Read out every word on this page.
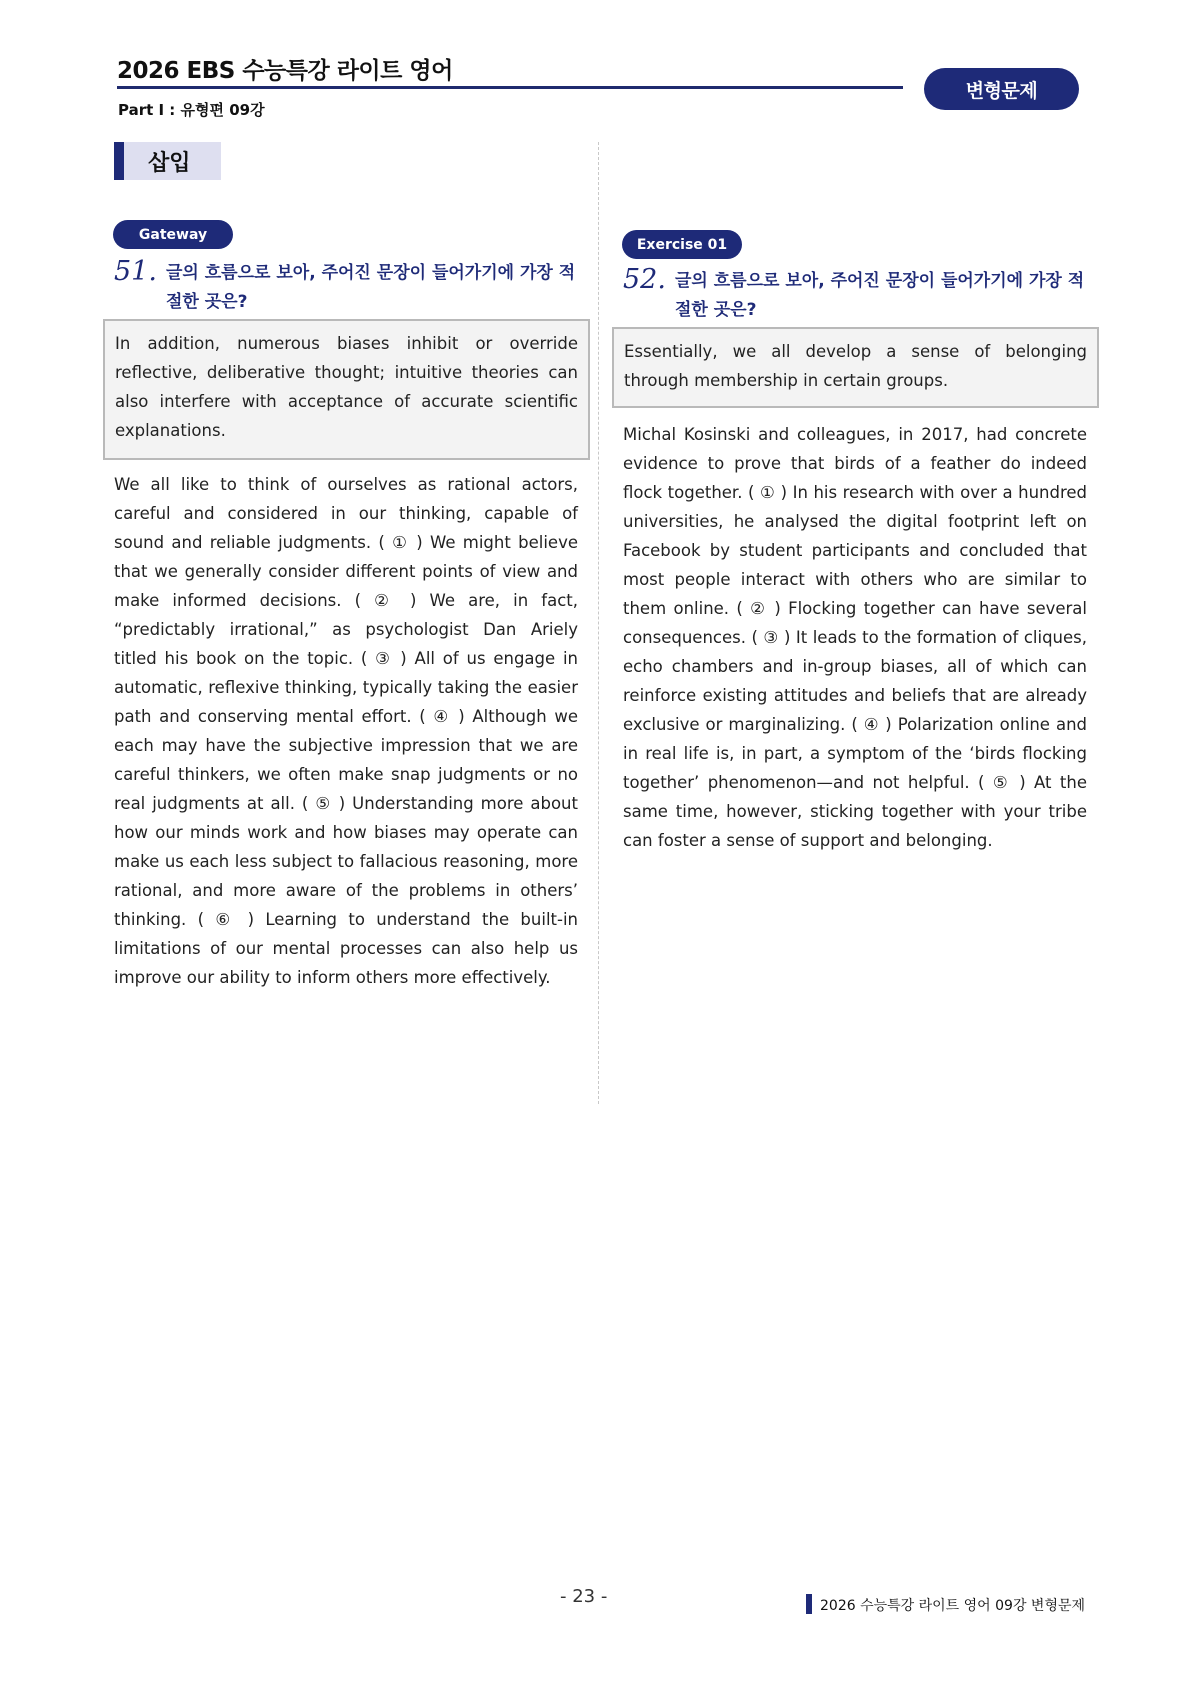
2026 EBS 수능특강 라이트 영어
Part Ⅰ : 유형편 09강
변형문제
삽입
Gateway
51. 글의 흐름으로 보아, 주어진 문장이 들어가기에 가장 적절한 곳은?
In addition, numerous biases inhibit or override reflective, deliberative thought; intuitive theories can also interfere with acceptance of accurate scientific explanations.
We all like to think of ourselves as rational actors, careful and considered in our thinking, capable of sound and reliable judgments. ( ① ) We might believe that we generally consider different points of view and make informed decisions. ( ② ) We are, in fact, “predictably irrational,” as psychologist Dan Ariely titled his book on the topic. ( ③ ) All of us engage in automatic, reflexive thinking, typically taking the easier path and conserving mental effort. ( ④ ) Although we each may have the subjective impression that we are careful thinkers, we often make snap judgments or no real judgments at all. ( ⑤ ) Understanding more about how our minds work and how biases may operate can make us each less subject to fallacious reasoning, more rational, and more aware of the problems in others’ thinking. ( ⑥ ) Learning to understand the built-in limitations of our mental processes can also help us improve our ability to inform others more effectively.
Exercise 01
52. 글의 흐름으로 보아, 주어진 문장이 들어가기에 가장 적절한 곳은?
Essentially, we all develop a sense of belonging through membership in certain groups.
Michal Kosinski and colleagues, in 2017, had concrete evidence to prove that birds of a feather do indeed flock together. ( ① ) In his research with over a hundred universities, he analysed the digital footprint left on Facebook by student participants and concluded that most people interact with others who are similar to them online. ( ② ) Flocking together can have several consequences. ( ③ ) It leads to the formation of cliques, echo chambers and in-group biases, all of which can reinforce existing attitudes and beliefs that are already exclusive or marginalizing. ( ④ ) Polarization online and in real life is, in part, a symptom of the ‘birds flocking together’ phenomenon—and not helpful. ( ⑤ ) At the same time, however, sticking together with your tribe can foster a sense of support and belonging.
- 23 -	2026 수능특강 라이트 영어 09강 변형문제
